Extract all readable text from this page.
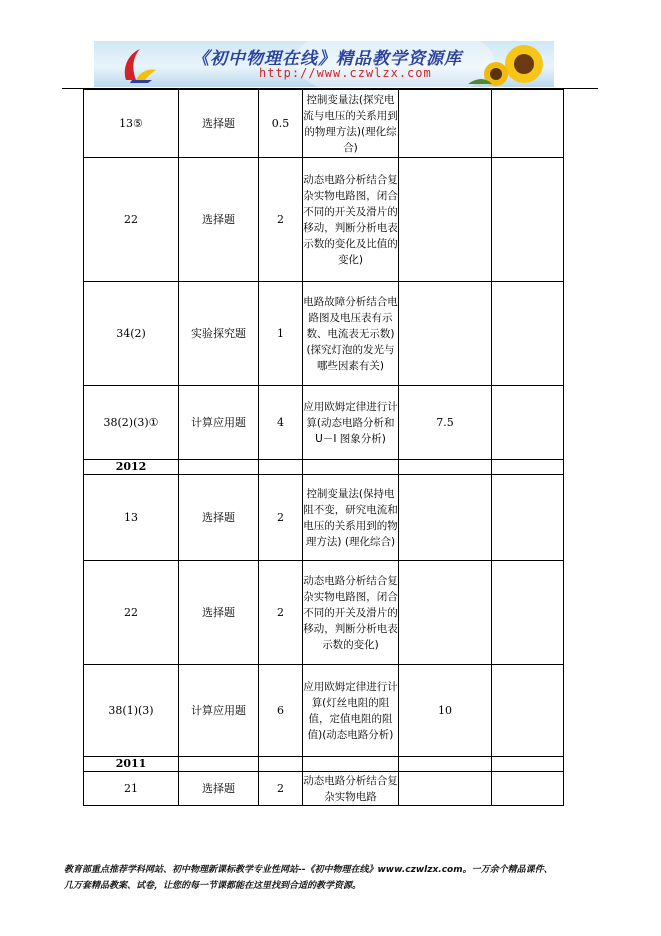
《初中物理在线》精品教学资源库
http://www.czwlzx.com
13⑤	选择题	0.5	控制变量法(探究电流与电压的关系用到的物理方法)(理化综合)		
22	选择题	2	动态电路分析结合复杂实物电路图，闭合不同的开关及滑片的移动，判断分析电表示数的变化及比值的变化)		
34(2)	实验探究题	1	电路故障分析结合电路图及电压表有示数、电流表无示数)(探究灯泡的发光与哪些因素有关)		
38(2)(3)①	计算应用题	4	应用欧姆定律进行计算(动态电路分析和 U－I 图象分析)	7.5	
2012					
13	选择题	2	控制变量法(保持电阻不变，研究电流和电压的关系用到的物理方法) (理化综合)		
22	选择题	2	动态电路分析结合复杂实物电路图，闭合不同的开关及滑片的移动，判断分析电表示数的变化)		
38(1)(3)	计算应用题	6	应用欧姆定律进行计算(灯丝电阻的阻值，定值电阻的阻值)(动态电路分析)	10	
2011					
21	选择题	2	动态电路分析结合复杂实物电路		
教育部重点推荐学科网站、初中物理新课标教学专业性网站--《初中物理在线》www.czwlzx.com。一万余个精品课件、
几万套精品教案、试卷，让您的每一节课都能在这里找到合适的教学资源。
